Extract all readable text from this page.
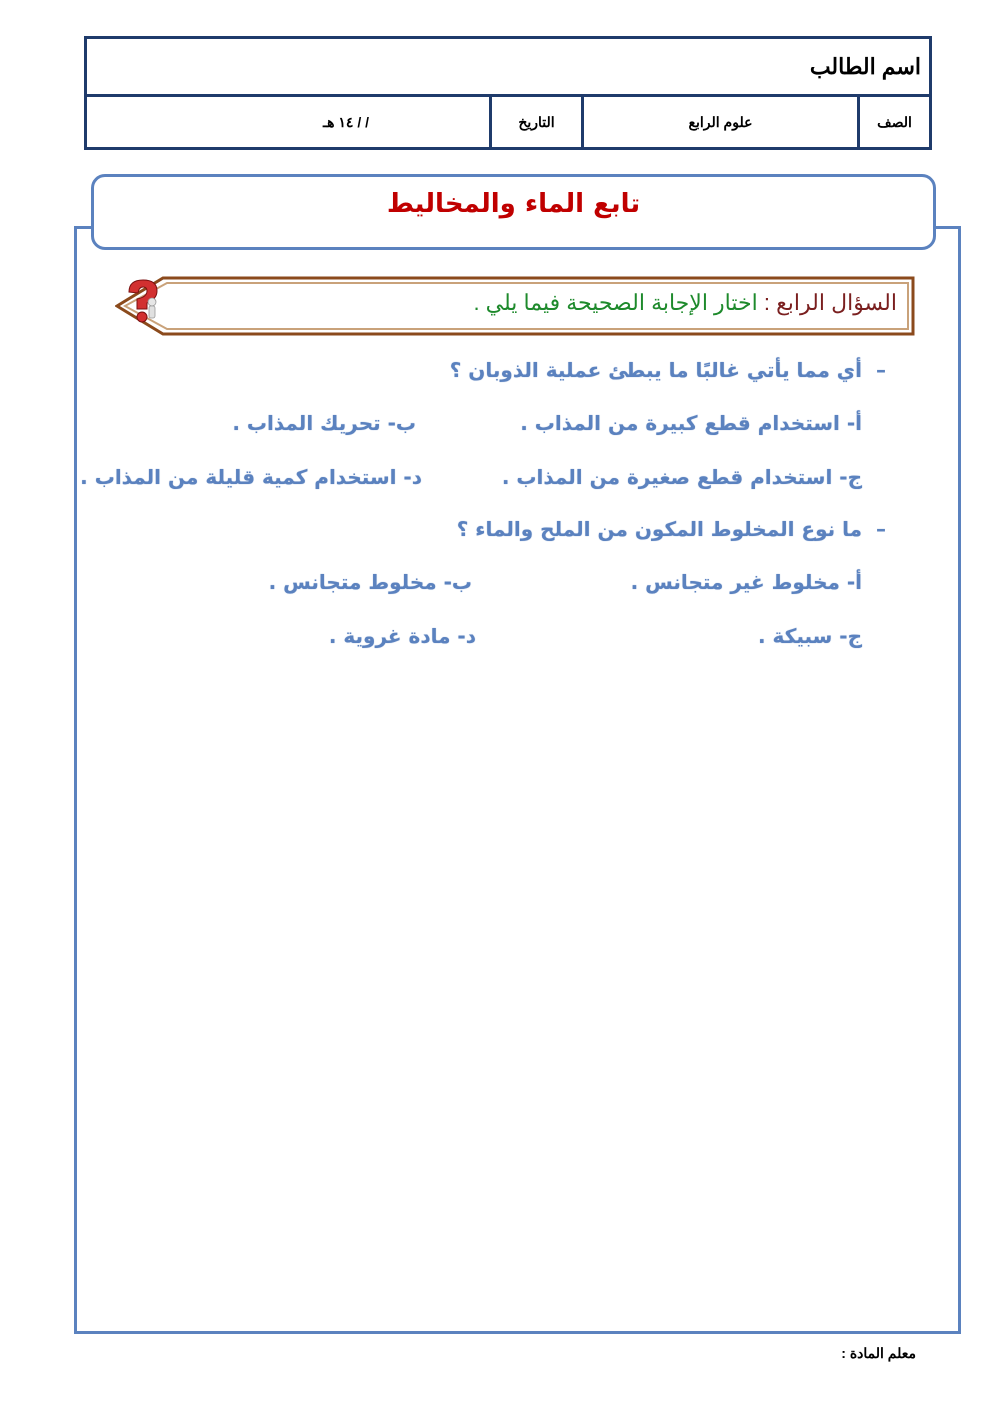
اسم الطالب
الصف
علوم الرابع
التاريخ
/ / ١٤ هـ
تابع الماء والمخاليط
السؤال الرابع : اختار الإجابة الصحيحة فيما يلي .
–
أي مما يأتي غالبًا ما يبطئ عملية الذوبان ؟
أ- استخدام قطع كبيرة من المذاب .
ب- تحريك المذاب .
ج- استخدام قطع صغيرة من المذاب .
د- استخدام كمية قليلة من المذاب .
–
ما نوع المخلوط المكون من الملح والماء ؟
أ- مخلوط غير متجانس .
ب- مخلوط متجانس .
ج- سبيكة .
د- مادة غروية .
معلم المادة :
